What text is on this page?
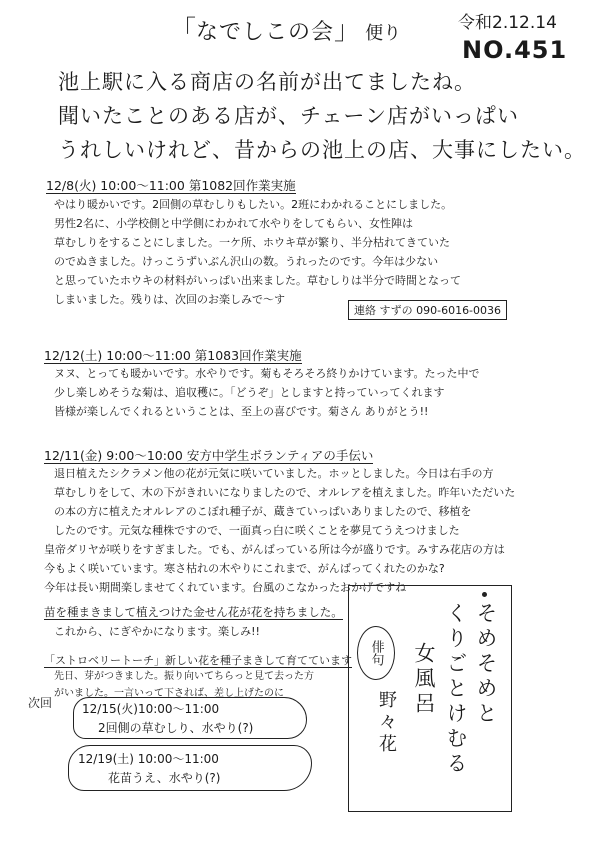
「なでしこの会」 便り	令和2.12.14
NO.451
池上駅に入る商店の名前が出てましたね。
聞いたことのある店が、チェーン店がいっぱい
うれしいけれど、昔からの池上の店、大事にしたい。
12/8(火) 10:00〜11:00 第1082回作業実施
やはり暖かいです。2回側の草むしりもしたい。2班にわかれることにしました。
男性2名に、小学校側と中学側にわかれて水やりをしてもらい、女性陣は
草むしりをすることにしました。一ケ所、ホウキ草が繁り、半分枯れてきていた
のでぬきました。けっこうずいぶん沢山の数。うれったのです。今年は少ない
と思っていたホウキの材料がいっぱい出来ました。草むしりは半分で時間となって
しまいました。残りは、次回のお楽しみで〜す
連絡 すずの 090-6016-0036
12/12(土) 10:00〜11:00 第1083回作業実施
ヌヌ、とっても暖かいです。水やりです。菊もそろそろ終りかけています。たった中で
少し楽しめそうな菊は、追収穫に。「どうぞ」としますと持っていってくれます
皆様が楽しんでくれるということは、至上の喜びです。菊さん ありがとう!!
12/11(金) 9:00〜10:00 安方中学生ボランティアの手伝い
退日植えたシクラメン他の花が元気に咲いていました。ホッとしました。今日は右手の方
草むしりをして、木の下がきれいになりましたので、オルレアを植えました。昨年いただいた
の本の方に植えたオルレアのこぼれ種子が、蔵きていっぱいありましたので、移植を
したのです。元気な種株ですので、一面真っ白に咲くことを夢見てうえつけました
皇帝ダリヤが咲りをすぎました。でも、がんばっている所は今が盛りです。みすみ花店の方は
今もよく咲いています。寒さ枯れの木やりにこれまで、がんばってくれたのかな?
今年は長い期間楽しませてくれています。台風のこなかったおかげですね
苗を種まきまして植えつけた金せん花が花を持ちました。
これから、にぎやかになります。楽しみ!!
「ストロベリートーチ」新しい花を種子まきして育てています
先日、芽がつきました。振り向いてちらっと見て去った方
がいました。一言いって下されば、差し上げたのに
次回 12/15(火)10:00〜11:00
2回側の草むしり、水やり(?)
12/19(土) 10:00〜11:00
花苗うえ、水やり(?)
俳句	そめそめと
くりごとけむる
女風呂
野々花
